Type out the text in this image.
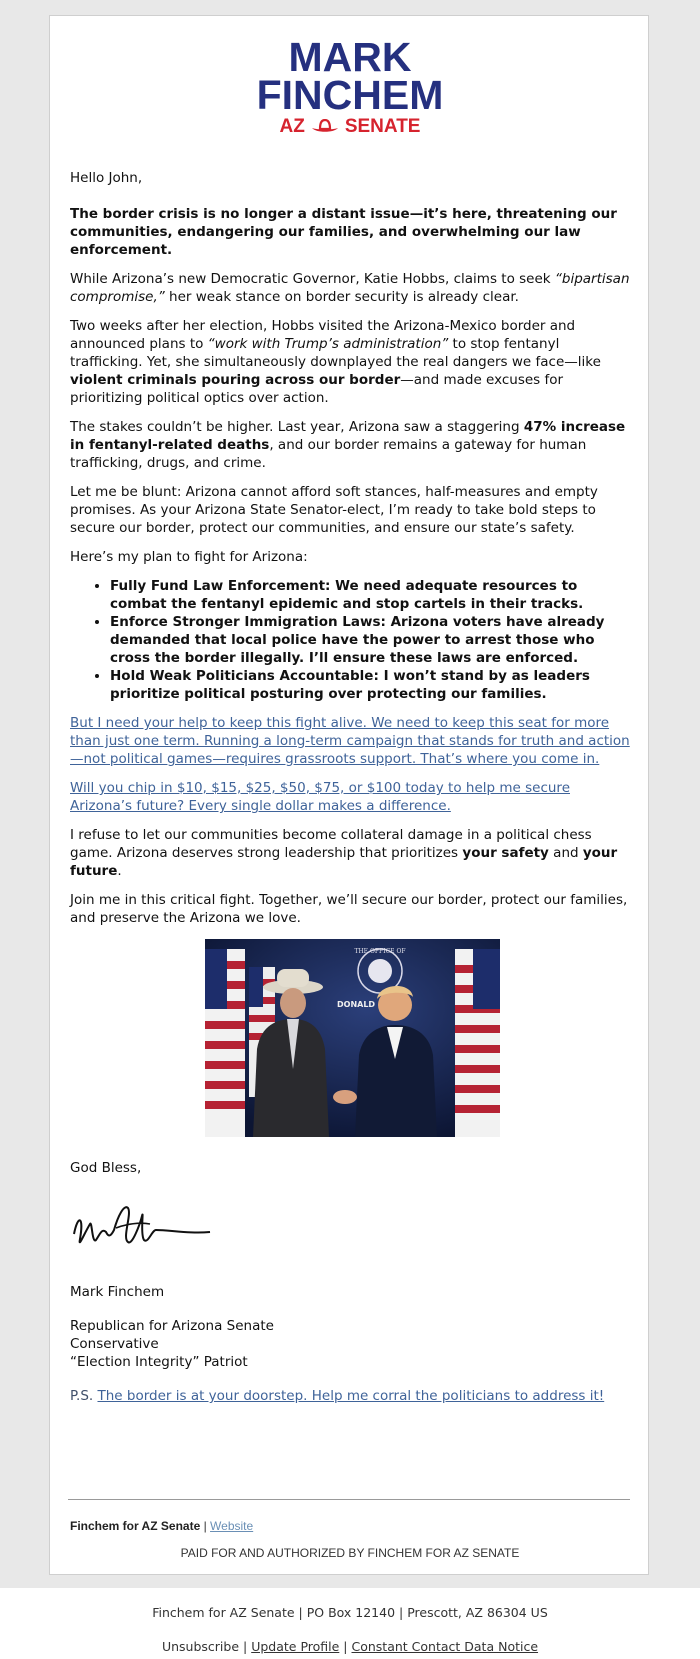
MARK
FINCHEM
AZ SENATE

Hello John,

The border crisis is no longer a distant issue—it’s here, threatening our communities, endangering our families, and overwhelming our law enforcement.

While Arizona’s new Democratic Governor, Katie Hobbs, claims to seek “bipartisan compromise,” her weak stance on border security is already clear.

Two weeks after her election, Hobbs visited the Arizona-Mexico border and announced plans to “work with Trump’s administration” to stop fentanyl trafficking. Yet, she simultaneously downplayed the real dangers we face—like violent criminals pouring across our border—and made excuses for prioritizing political optics over action.

The stakes couldn’t be higher. Last year, Arizona saw a staggering 47% increase in fentanyl-related deaths, and our border remains a gateway for human trafficking, drugs, and crime.

Let me be blunt: Arizona cannot afford soft stances, half-measures and empty promises. As your Arizona State Senator-elect, I’m ready to take bold steps to secure our border, protect our communities, and ensure our state’s safety.

Here’s my plan to fight for Arizona:

• Fully Fund Law Enforcement: We need adequate resources to combat the fentanyl epidemic and stop cartels in their tracks.
• Enforce Stronger Immigration Laws: Arizona voters have already demanded that local police have the power to arrest those who cross the border illegally. I’ll ensure these laws are enforced.
• Hold Weak Politicians Accountable: I won’t stand by as leaders prioritize political posturing over protecting our families.

But I need your help to keep this fight alive. We need to keep this seat for more than just one term. Running a long-term campaign that stands for truth and action—not political games—requires grassroots support. That’s where you come in.

Will you chip in $10, $15, $25, $50, $75, or $100 today to help me secure Arizona’s future? Every single dollar makes a difference.

I refuse to let our communities become collateral damage in a political chess game. Arizona deserves strong leadership that prioritizes your safety and your future.

Join me in this critical fight. Together, we’ll secure our border, protect our families, and preserve the Arizona we love.

THE OFFICE OF
DONALD

God Bless,

Mark Finchem

Republican for Arizona Senate
Conservative
“Election Integrity” Patriot

P.S. The border is at your doorstep. Help me corral the politicians to address it!

Finchem for AZ Senate | Website
PAID FOR AND AUTHORIZED BY FINCHEM FOR AZ SENATE
Finchem for AZ Senate | PO Box 12140 | Prescott, AZ 86304 US
Unsubscribe | Update Profile | Constant Contact Data Notice
